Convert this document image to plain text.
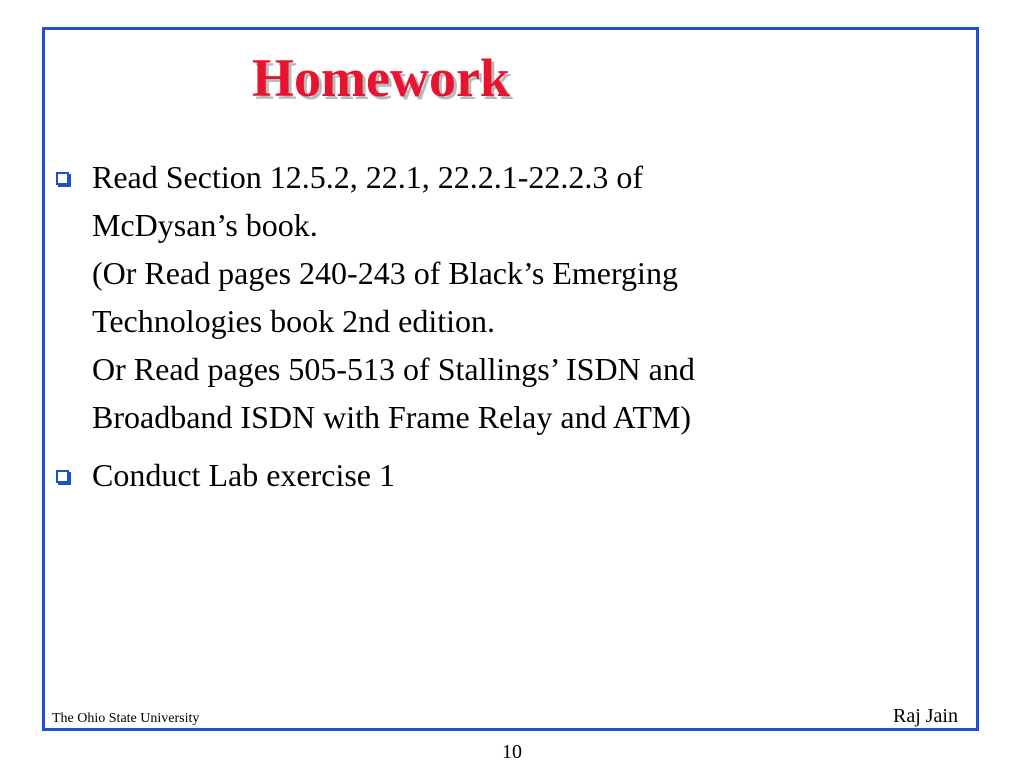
Homework
Read Section 12.5.2, 22.1, 22.2.1-22.2.3 of
McDysan’s book.
(Or Read pages 240-243 of Black’s Emerging
Technologies book 2nd edition.
Or Read pages 505-513 of Stallings’ ISDN and
Broadband ISDN with Frame Relay and ATM)
Conduct Lab exercise 1
The Ohio State University	Raj Jain
10
